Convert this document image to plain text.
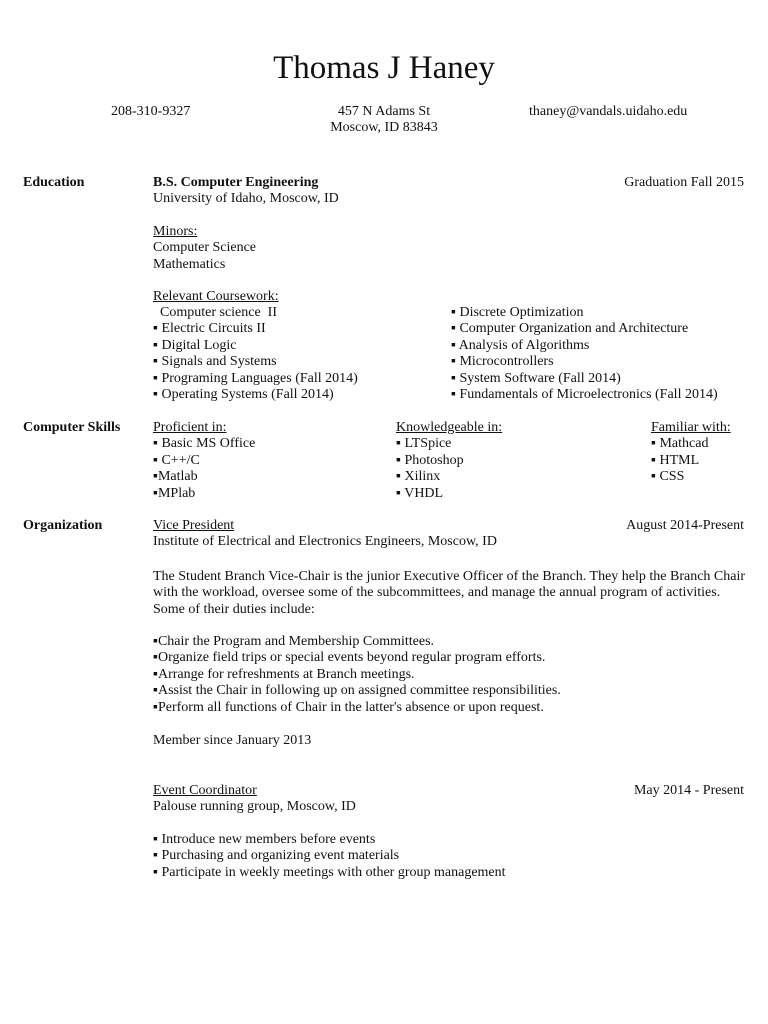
Thomas J Haney
208-310-9327	457 N Adams St
Moscow, ID 83843
thaney@vandals.uidaho.edu
Education	B.S. Computer Engineering	Graduation Fall 2015
University of Idaho, Moscow, ID
Minors:
Computer Science
Mathematics
Relevant Coursework:
Computer science  II
▪ Electric Circuits II
▪ Digital Logic
▪ Signals and Systems
▪ Programing Languages (Fall 2014)
▪ Operating Systems (Fall 2014)
▪ Discrete Optimization
▪ Computer Organization and Architecture
▪ Analysis of Algorithms
▪ Microcontrollers
▪ System Software (Fall 2014)
▪ Fundamentals of Microelectronics (Fall 2014)
Computer Skills Proficient in:
▪ Basic MS Office
▪ C++/C
▪Matlab
▪MPlab
Knowledgeable in:
▪ LTSpice
▪ Photoshop
▪ Xilinx
▪ VHDL
Familiar with:
▪ Mathcad
▪ HTML
▪ CSS
Organization	Vice President	August 2014-Present
Institute of Electrical and Electronics Engineers, Moscow, ID
The Student Branch Vice-Chair is the junior Executive Officer of the Branch. They help the Branch Chair
with the workload, oversee some of the subcommittees, and manage the annual program of activities.
Some of their duties include:
▪Chair the Program and Membership Committees.
▪Organize field trips or special events beyond regular program efforts.
▪Arrange for refreshments at Branch meetings.
▪Assist the Chair in following up on assigned committee responsibilities.
▪Perform all functions of Chair in the latter's absence or upon request.
Member since January 2013
Event Coordinator	May 2014 - Present
Palouse running group, Moscow, ID
▪ Introduce new members before events
▪ Purchasing and organizing event materials
▪ Participate in weekly meetings with other group management
